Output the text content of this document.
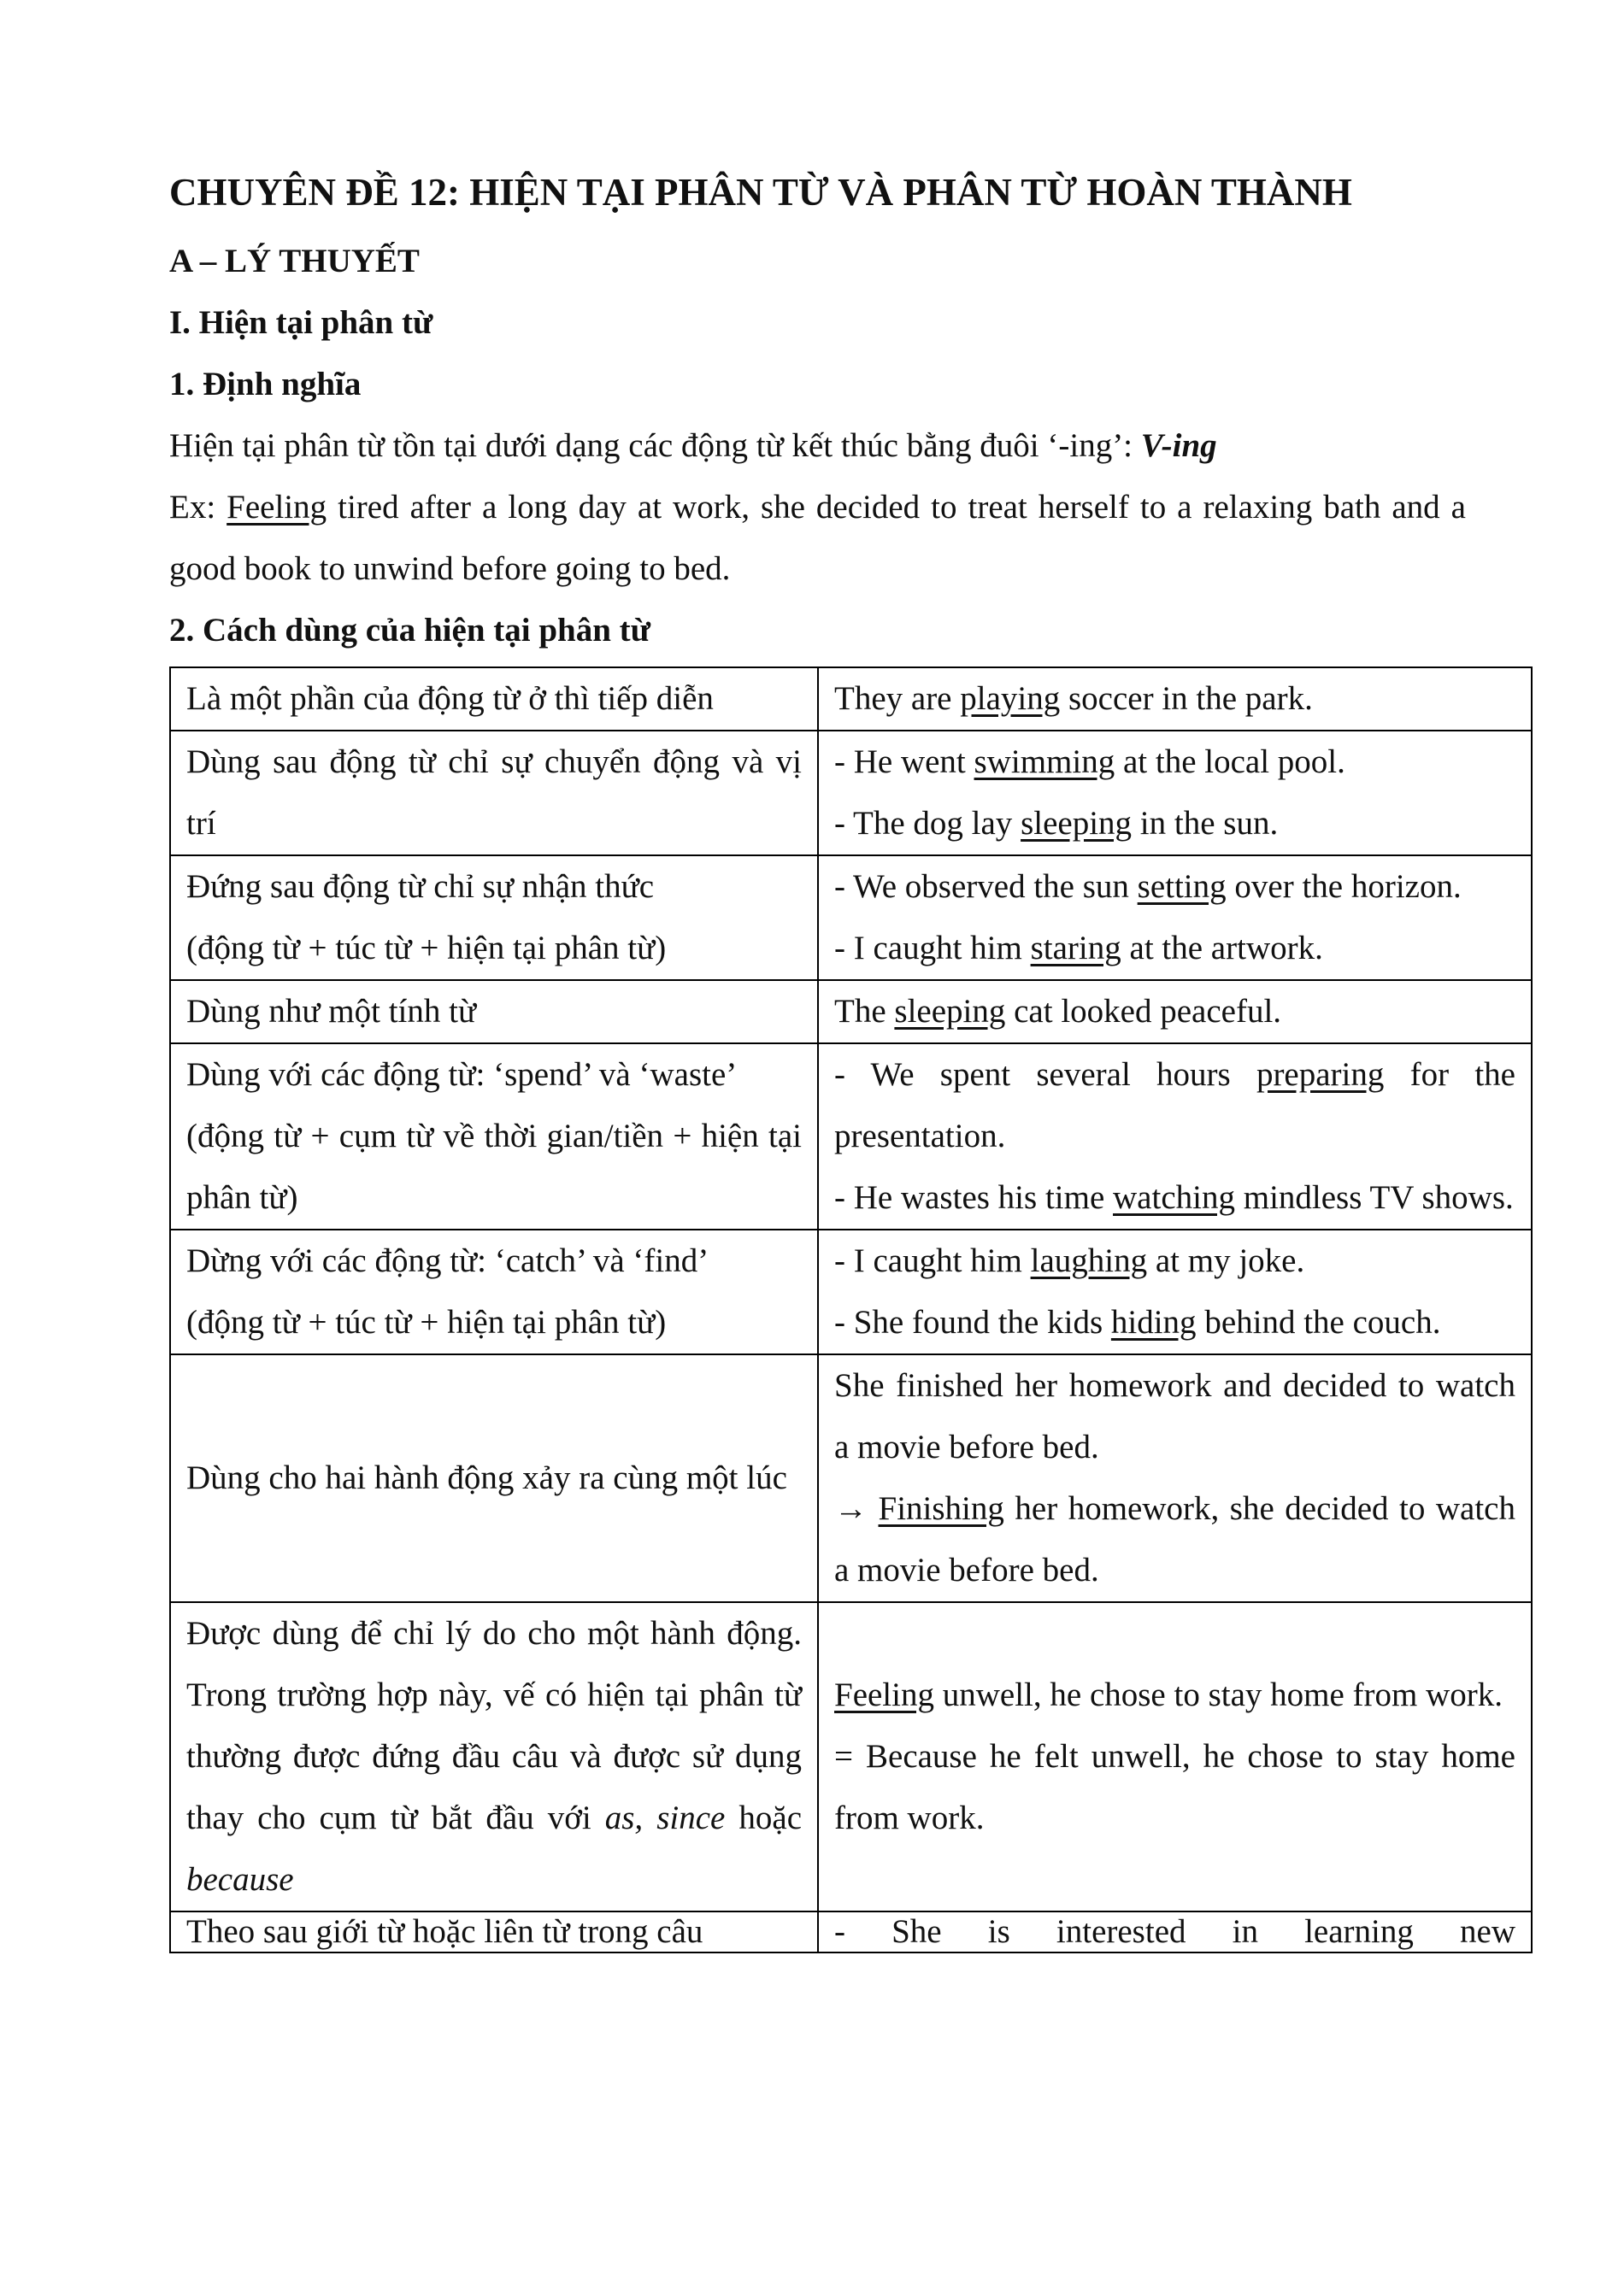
CHUYÊN ĐỀ 12: HIỆN TẠI PHÂN TỪ VÀ PHÂN TỪ HOÀN THÀNH
A – LÝ THUYẾT
I. Hiện tại phân từ
1. Định nghĩa

Hiện tại phân từ tồn tại dưới dạng các động từ kết thúc bằng đuôi ‘-ing’: V-ing

Ex: Feeling tired after a long day at work, she decided to treat herself to a relaxing bath and a good book to unwind before going to bed.

2. Cách dùng của hiện tại phân từ
Là một phần của động từ ở thì tiếp diễn	They are playing soccer in the park.

Dùng sau động từ chỉ sự chuyển động và vị trí	- He went swimming at the local pool.
- The dog lay sleeping in the sun.

Đứng sau động từ chỉ sự nhận thức
(động từ + túc từ + hiện tại phân từ)	- We observed the sun setting over the horizon.
- I caught him staring at the artwork.

Dùng như một tính từ	The sleeping cat looked peaceful.

Dùng với các động từ: ‘spend’ và ‘waste’
(động từ + cụm từ về thời gian/tiền + hiện tại phân từ)	- We spent several hours preparing for the presentation.
- He wastes his time watching mindless TV shows.

Dừng với các động từ: ‘catch’ và ‘find’
(động từ + túc từ + hiện tại phân từ)	- I caught him laughing at my joke.
- She found the kids hiding behind the couch.

Dùng cho hai hành động xảy ra cùng một lúc	She finished her homework and decided to watch a movie before bed.
→ Finishing her homework, she decided to watch a movie before bed.

Được dùng để chỉ lý do cho một hành động. Trong trường hợp này, vế có hiện tại phân từ thường được đứng đầu câu và được sử dụng thay cho cụm từ bắt đầu với as, since hoặc because	Feeling unwell, he chose to stay home from work.
= Because he felt unwell, he chose to stay home from work.

Theo sau giới từ hoặc liên từ trong câu	- She is interested in learning new
